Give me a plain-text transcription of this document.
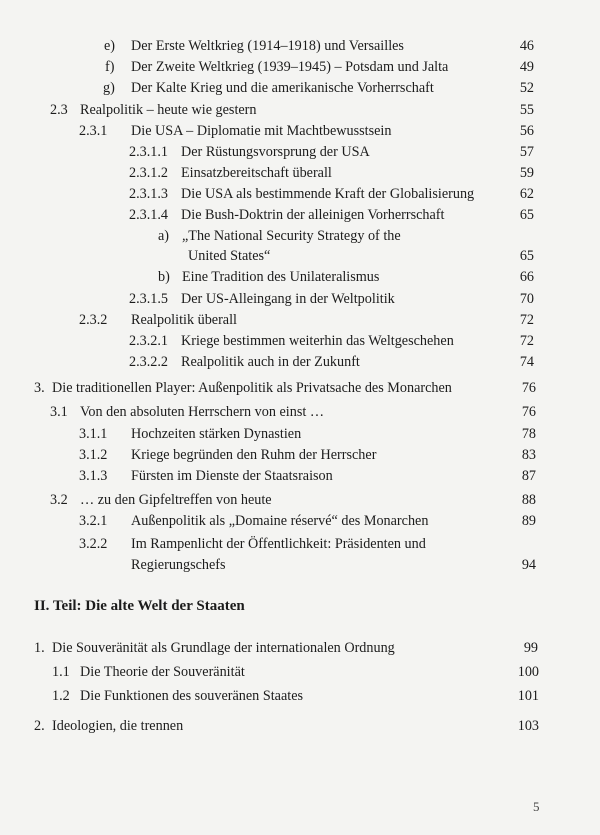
e) Der Erste Weltkrieg (1914–1918) und Versailles	46
f) Der Zweite Weltkrieg (1939–1945) – Potsdam und Jalta	49
g) Der Kalte Krieg und die amerikanische Vorherrschaft	52
2.3 Realpolitik – heute wie gestern	55
2.3.1 Die USA – Diplomatie mit Machtbewusstsein	56
2.3.1.1 Der Rüstungsvorsprung der USA	57
2.3.1.2 Einsatzbereitschaft überall	59
2.3.1.3 Die USA als bestimmende Kraft der Globalisierung	62
2.3.1.4 Die Bush-Doktrin der alleinigen Vorherrschaft	65
a) „The National Security Strategy of the
United States“	65
b) Eine Tradition des Unilateralismus	66
2.3.1.5 Der US-Alleingang in der Weltpolitik	70
2.3.2 Realpolitik überall	72
2.3.2.1 Kriege bestimmen weiterhin das Weltgeschehen	72
2.3.2.2 Realpolitik auch in der Zukunft	74
3. Die traditionellen Player: Außenpolitik als Privatsache des Monarchen	76
3.1 Von den absoluten Herrschern von einst …	76
3.1.1 Hochzeiten stärken Dynastien	78
3.1.2 Kriege begründen den Ruhm der Herrscher	83
3.1.3 Fürsten im Dienste der Staatsraison	87
3.2 … zu den Gipfeltreffen von heute	88
3.2.1 Außenpolitik als „Domaine réservé“ des Monarchen	89
3.2.2 Im Rampenlicht der Öffentlichkeit: Präsidenten und
Regierungschefs	94
II. Teil: Die alte Welt der Staaten
1. Die Souveränität als Grundlage der internationalen Ordnung	99
1.1 Die Theorie der Souveränität	100
1.2 Die Funktionen des souveränen Staates	101
2. Ideologien, die trennen	103
5
